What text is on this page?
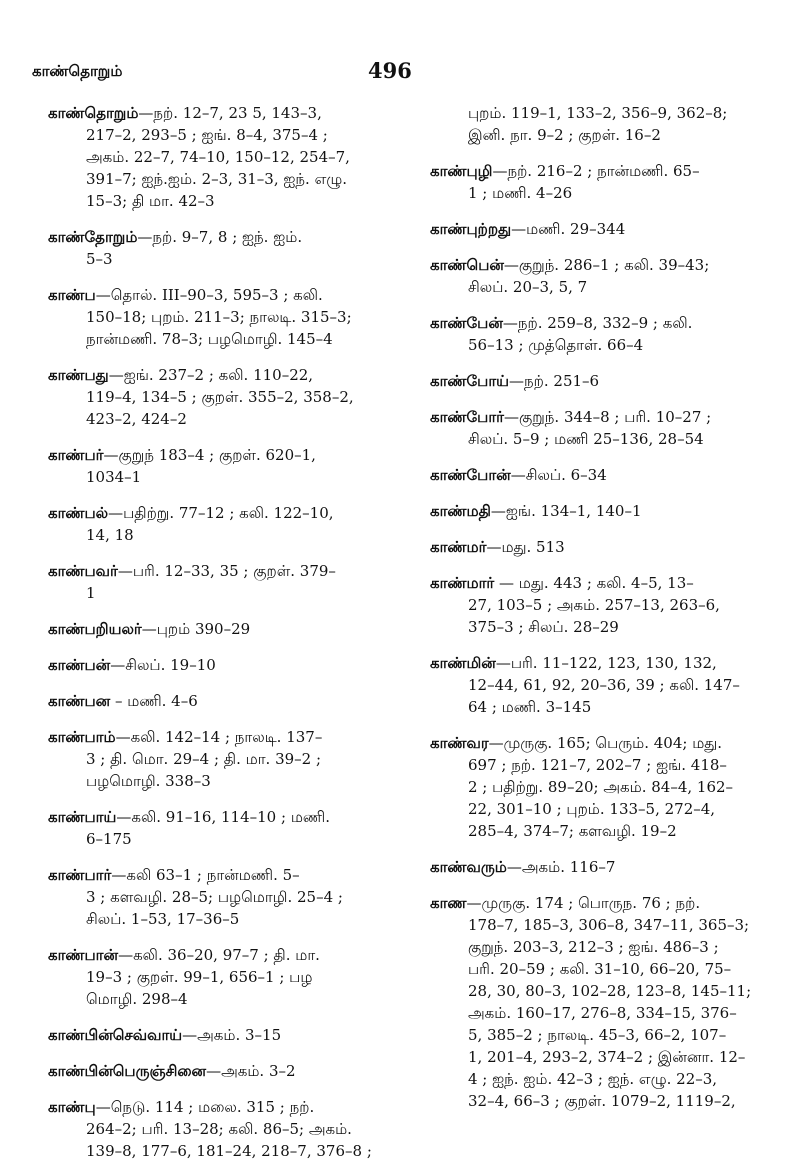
காண்தொறும்	496
காண்தொறும்—நற். 12–7, 23 5, 143–3,
217–2, 293–5 ; ஐங். 8–4, 375–4 ;
அகம். 22–7, 74–10, 150–12, 254–7,
391–7; ஐந்.ஐம். 2–3, 31–3, ஐந். எழு.
15–3; தி மா. 42–3
காண்தோறும்—நற். 9–7, 8 ; ஐந். ஐம்.
5–3
காண்ப—தொல். III–90–3, 595–3 ; கலி.
150–18; புறம். 211–3; நாலடி. 315–3;
நான்மணி. 78–3; பழமொழி. 145–4
காண்பது—ஐங். 237–2 ; கலி. 110–22,
119–4, 134–5 ; குறள். 355–2, 358–2,
423–2, 424–2
காண்பர்—குறுந் 183–4 ; குறள். 620–1,
1034–1
காண்பல்—பதிற்று. 77–12 ; கலி. 122–10,
14, 18
காண்பவர்—பரி. 12–33, 35 ; குறள். 379–
1
காண்பறியலர்—புறம் 390–29
காண்பன்—சிலப். 19–10
காண்பன – மணி. 4–6
காண்பாம்—கலி. 142–14 ; நாலடி. 137–
3 ; தி. மொ. 29–4 ; தி. மா. 39–2 ;
பழமொழி. 338–3
காண்பாய்—கலி. 91–16, 114–10 ; மணி.
6–175
காண்பார்—கலி 63–1 ; நான்மணி. 5–
3 ; களவழி. 28–5; பழமொழி. 25–4 ;
சிலப். 1–53, 17–36–5
காண்பான்—கலி. 36–20, 97–7 ; தி. மா.
19–3 ; குறள். 99–1, 656–1 ; பழ
மொழி. 298–4
காண்பின்செவ்வாய்—அகம். 3–15
காண்பின்பெருஞ்சினை—அகம். 3–2
காண்பு—நெடு. 114 ; மலை. 315 ; நற்.
264–2; பரி. 13–28; கலி. 86–5; அகம்.
139–8, 177–6, 181–24, 218–7, 376–8 ;
புறம். 119–1, 133–2, 356–9, 362–8;
இனி. நா. 9–2 ; குறள். 16–2
காண்புழி—நற். 216–2 ; நான்மணி. 65–
1 ; மணி. 4–26
காண்புற்றது—மணி. 29–344
காண்பென்—குறுந். 286–1 ; கலி. 39–43;
சிலப். 20–3, 5, 7
காண்பேன்—நற். 259–8, 332–9 ; கலி.
56–13 ; முத்தொள். 66–4
காண்போய்—நற். 251–6
காண்போர்—குறுந். 344–8 ; பரி. 10–27 ;
சிலப். 5–9 ; மணி 25–136, 28–54
காண்போன்—சிலப். 6–34
காண்மதி—ஐங். 134–1, 140–1
காண்மர்—மது. 513
காண்மார் — மது. 443 ; கலி. 4–5, 13–
27, 103–5 ; அகம். 257–13, 263–6,
375–3 ; சிலப். 28–29
காண்மின்—பரி. 11–122, 123, 130, 132,
12–44, 61, 92, 20–36, 39 ; கலி. 147–
64 ; மணி. 3–145
காண்வர—முருகு. 165; பெரும். 404; மது.
697 ; நற். 121–7, 202–7 ; ஐங். 418–
2 ; பதிற்று. 89–20; அகம். 84–4, 162–
22, 301–10 ; புறம். 133–5, 272–4,
285–4, 374–7; களவழி. 19–2
காண்வரும்—அகம். 116–7
காண—முருகு. 174 ; பொருந. 76 ; நற்.
178–7, 185–3, 306–8, 347–11, 365–3;
குறுந். 203–3, 212–3 ; ஐங். 486–3 ;
பரி. 20–59 ; கலி. 31–10, 66–20, 75–
28, 30, 80–3, 102–28, 123–8, 145–11;
அகம். 160–17, 276–8, 334–15, 376–
5, 385–2 ; நாலடி. 45–3, 66–2, 107–
1, 201–4, 293–2, 374–2 ; இன்னா. 12–
4 ; ஐந். ஐம். 42–3 ; ஐந். எழு. 22–3,
32–4, 66–3 ; குறள். 1079–2, 1119–2,
